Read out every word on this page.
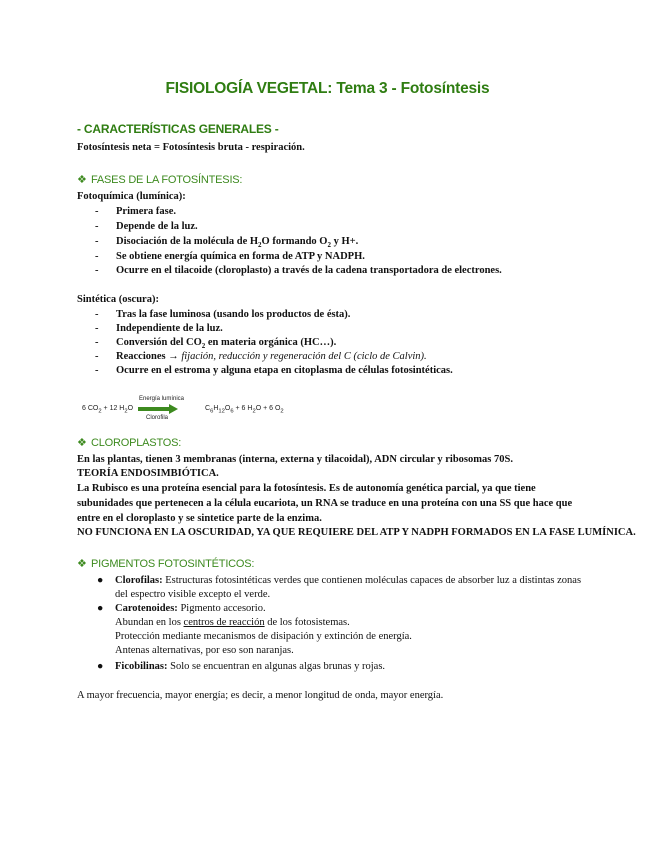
FISIOLOGÍA VEGETAL: Tema 3 - Fotosíntesis
- CARACTERÍSTICAS GENERALES -
Fotosíntesis neta = Fotosíntesis bruta - respiración.
❖ FASES DE LA FOTOSÍNTESIS:
Fotoquímica (lumínica):
- Primera fase.
- Depende de la luz.
- Disociación de la molécula de $H_2O$ formando $O_2$ y H+.
- Se obtiene energía química en forma de ATP y NADPH.
- Ocurre en el tilacoide (cloroplasto) a través de la cadena transportadora de electrones.
Sintética (oscura):
- Tras la fase luminosa (usando los productos de ésta).
- Independiente de la luz.
- Conversión del $CO_2$ en materia orgánica (HC…).
- Reacciones → fijación, reducción y regeneración del C (ciclo de Calvin).
- Ocurre en el estroma y alguna etapa en citoplasma de células fotosintéticas.
6 $CO_2 + 12$ $H_2O$
Energía lumínica
Clorofila
$C_6H_{12}O_6 + 6$ $H_2O + 6$ $O_2$
❖ CLOROPLASTOS:
En las plantas, tienen 3 membranas (interna, externa y tilacoidal), ADN circular y ribosomas 70S.
TEORÍA ENDOSIMBIÓTICA.
La Rubisco es una proteína esencial para la fotosíntesis. Es de autonomía genética parcial, ya que tiene subunidades que pertenecen a la célula eucariota, un RNA se traduce en una proteína con una SS que hace que entre en el cloroplasto y se sintetice parte de la enzima.
NO FUNCIONA EN LA OSCURIDAD, YA QUE REQUIERE DEL ATP Y NADPH FORMADOS EN LA FASE LUMÍNICA.
❖ PIGMENTOS FOTOSINTÉTICOS:
● Clorofilas: Estructuras fotosintéticas verdes que contienen moléculas capaces de absorber luz a distintas zonas del espectro visible excepto el verde.
● Carotenoides: Pigmento accesorio.
Abundan en los centros de reacción de los fotosistemas.
Protección mediante mecanismos de disipación y extinción de energía.
Antenas alternativas, por eso son naranjas.
● Ficobilinas: Solo se encuentran en algunas algas brunas y rojas.
A mayor frecuencia, mayor energía; es decir, a menor longitud de onda, mayor energía.
